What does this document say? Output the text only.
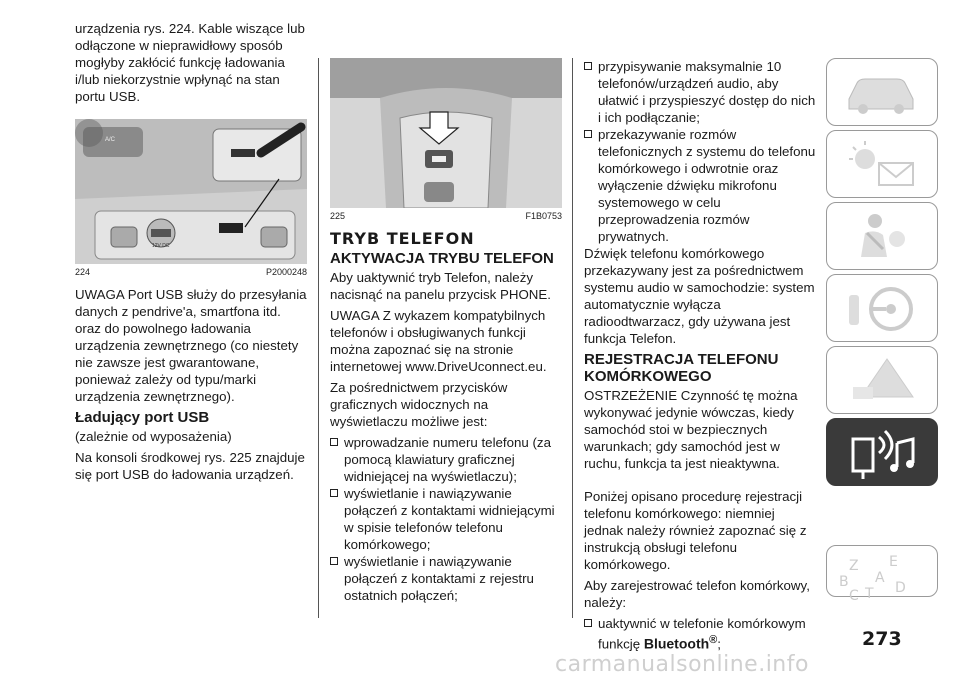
urządzenia rys. 224. Kable wiszące lub odłączone w nieprawidłowy sposób mogłyby zakłócić funkcję ładowania i/lub niekorzystnie wpłynąć na stan portu USB.

A/C
12V DC
224	P2000248

UWAGA Port USB służy do przesyłania danych z pendrive'a, smartfona itd. oraz do powolnego ładowania urządzenia zewnętrznego (co niestety nie zawsze jest gwarantowane, ponieważ zależy od typu/marki urządzenia zewnętrznego).

Ładujący port USB

(zależnie od wyposażenia)

Na konsoli środkowej rys. 225 znajduje się port USB do ładowania urządzeń.

225	F1B0753
TRYB TELEFON
AKTYWACJA TRYBU TELEFON

Aby uaktywnić tryb Telefon, należy nacisnąć na panelu przycisk PHONE.

UWAGA Z wykazem kompatybilnych telefonów i obsługiwanych funkcji można zapoznać się na stronie internetowej www.DriveUconnect.eu.

Za pośrednictwem przycisków graficznych widocznych na wyświetlaczu możliwe jest:

wprowadzanie numeru telefonu (za pomocą klawiatury graficznej widniejącej na wyświetlaczu);
wyświetlanie i nawiązywanie połączeń z kontaktami widniejącymi w spisie telefonów telefonu komórkowego;
wyświetlanie i nawiązywanie połączeń z kontaktami z rejestru ostatnich połączeń;
przypisywanie maksymalnie 10 telefonów/urządzeń audio, aby ułatwić i przyspieszyć dostęp do nich i ich podłączanie;
przekazywanie rozmów telefonicznych z systemu do telefonu komórkowego i odwrotnie oraz wyłączenie dźwięku mikrofonu systemowego w celu przeprowadzenia rozmów prywatnych.

Dźwięk telefonu komórkowego przekazywany jest za pośrednictwem systemu audio w samochodzie: system automatycznie wyłącza radioodtwarzacz, gdy używana jest funkcja Telefon.

REJESTRACJA TELEFONU
KOMÓRKOWEGO

OSTRZEŻENIE Czynność tę można wykonywać jedynie wówczas, kiedy samochód stoi w bezpiecznych warunkach; gdy samochód jest w ruchu, funkcja ta jest nieaktywna.

Poniżej opisano procedurę rejestracji telefonu komórkowego: niemniej jednak należy również zapoznać się z instrukcją obsługi telefonu komórkowego.

Aby zarejestrować telefon komórkowy, należy:

uaktywnić w telefonie komórkowym
funkcję Bluetooth®;
Z E
B A
C T D
273
carmanualsonline.info
